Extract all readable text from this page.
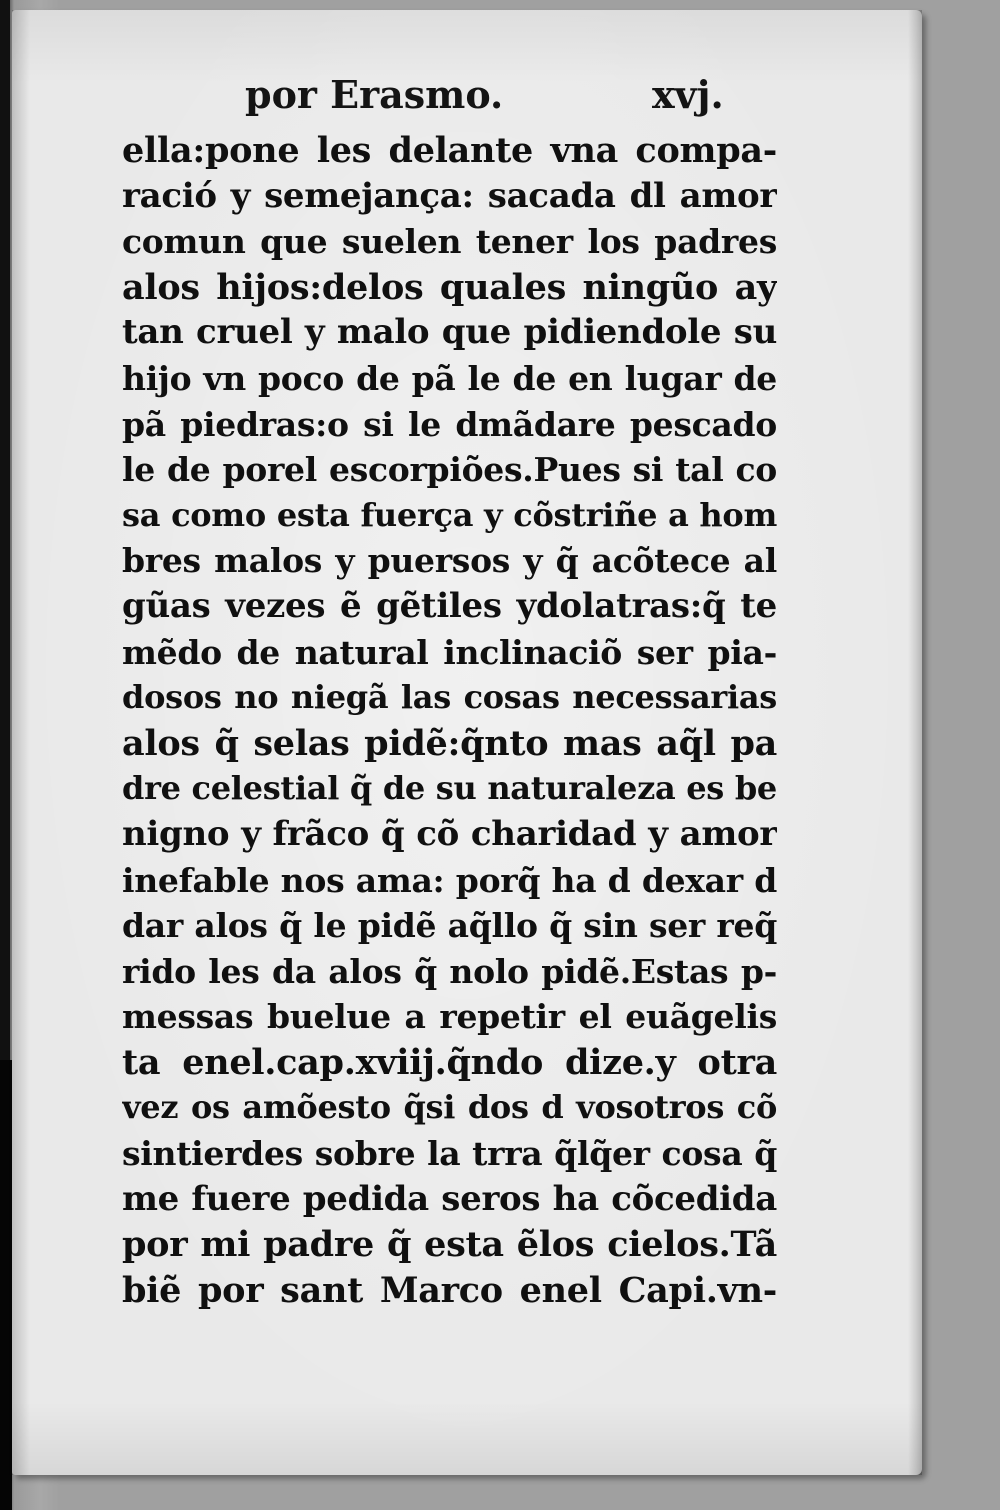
por Erasmo.	xvj.
ella:pone les delante vna compa-
ració y semejança: sacada dl amor
comun que suelen tener los padres
alos hijos:delos quales ningũo ay
tan cruel y malo que pidiendole su
hijo vn poco de pã le de en lugar de
pã piedras:o si le dmãdare pescado
le de porel escorpiões.Pues si tal co
sa como esta fuerça y cõstriñe a hom
bres malos y puersos y q̃ acõtece al
gũas vezes ẽ gẽtiles ydolatras:q̃ te
mẽdo de natural inclinaciõ ser pia-
dosos no niegã las cosas necessarias
alos q̃ selas pidẽ:q̃nto mas aq̃l pa
dre celestial q̃ de su naturaleza es be
nigno y frãco q̃ cõ charidad y amor
inefable nos ama: porq̃ ha d dexar d
dar alos q̃ le pidẽ aq̃llo q̃ sin ser req̃
rido les da alos q̃ nolo pidẽ.Estas p-
messas buelue a repetir el euãgelis
ta enel.cap.xviij.q̃ndo dize.y otra
vez os amõesto q̃si dos d vosotros cõ
sintierdes sobre la trra q̃lq̃er cosa q̃
me fuere pedida seros ha cõcedida
por mi padre q̃ esta ẽlos cielos.Tã
biẽ por sant Marco enel Capi.vn-
